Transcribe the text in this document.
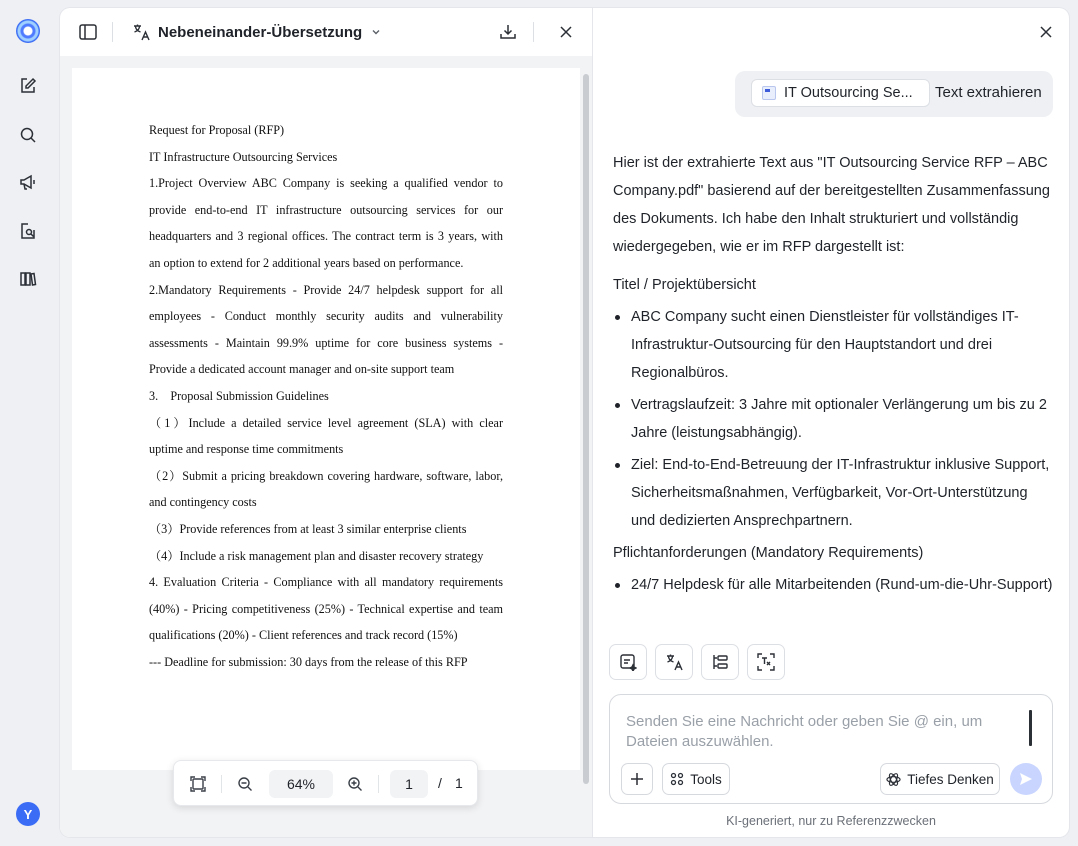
Y
Nebeneinander-Übersetzung

Request for Proposal (RFP)

IT Infrastructure Outsourcing Services

1.Project Overview ABC Company is seeking a qualified vendor to provide end-to-end IT infrastructure outsourcing services for our headquarters and 3 regional offices. The contract term is 3 years, with an option to extend for 2 additional years based on performance.

2.Mandatory Requirements - Provide 24/7 helpdesk support for all employees - Conduct monthly security audits and vulnerability assessments - Maintain 99.9% uptime for core business systems - Provide a dedicated account manager and on-site support team

3.    Proposal Submission Guidelines

（1）Include a detailed service level agreement (SLA) with clear uptime and response time commitments

（2）Submit a pricing breakdown covering hardware, software, labor, and contingency costs

（3）Provide references from at least 3 similar enterprise clients

（4）Include a risk management plan and disaster recovery strategy

4. Evaluation Criteria - Compliance with all mandatory requirements (40%) - Pricing competitiveness (25%) - Technical expertise and team qualifications (20%) - Client references and track record (15%)

--- Deadline for submission: 30 days from the release of this RFP

64%	1	/ 1
IT Outsourcing Se... Text extrahieren

Hier ist der extrahierte Text aus "IT Outsourcing Service RFP – ABC Company.pdf" basierend auf der bereitgestellten Zusammenfassung des Dokuments. Ich habe den Inhalt strukturiert und vollständig wiedergegeben, wie er im RFP dargestellt ist:

Titel / Projektübersicht

ABC Company sucht einen Dienstleister für vollständiges IT-Infrastruktur-Outsourcing für den Hauptstandort und drei Regionalbüros.
Vertragslaufzeit: 3 Jahre mit optionaler Verlängerung um bis zu 2 Jahre (leistungsabhängig).
Ziel: End-to-End-Betreuung der IT-Infrastruktur inklusive Support, Sicherheitsmaßnahmen, Verfügbarkeit, Vor-Ort-Unterstützung und dedizierten Ansprechpartnern.

Pflichtanforderungen (Mandatory Requirements)

24/7 Helpdesk für alle Mitarbeitenden (Rund-um-die-Uhr-Support)
Senden Sie eine Nachricht oder geben Sie @ ein, um Dateien auszuwählen.
Tools	Tiefes Denken
KI-generiert, nur zu Referenzzwecken
